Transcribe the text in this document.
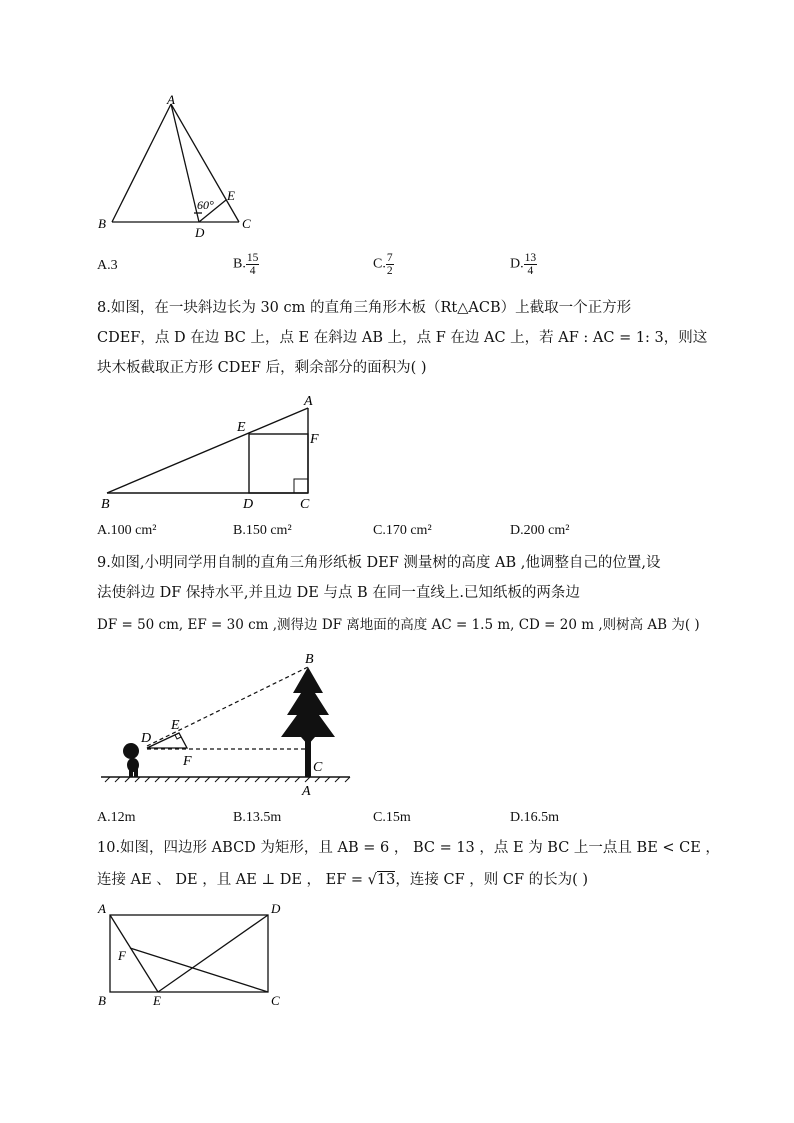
A
B	C
D
E
60°
A.3	B. $\frac{15}{4}$	C. $\frac{7}{2}$	D. $\frac{13}{4}$
8.如图，在一块斜边长为 30 cm 的直角三角形木板（Rt△ACB）上截取一个正方形
CDEF，点 D 在边 BC 上，点 E 在斜边 AB 上，点 F 在边 AC 上，若 AF : AC = 1: 3，则这
块木板截取正方形 CDEF 后，剩余部分的面积为( )
A
B	C
D
E
F
A.100 cm²	B.150 cm²	C.170 cm²	D.200 cm²
9.如图,小明同学用自制的直角三角形纸板 DEF 测量树的高度 AB ,他调整自己的位置,设
法使斜边 DF 保持水平,并且边 DE 与点 B 在同一直线上.已知纸板的两条边
DF = 50 cm, EF = 30 cm ,测得边 DF 离地面的高度 AC = 1.5 m, CD = 20 m ,则树高 AB 为( )
B
C
A
D
E
F
A.12m	B.13.5m	C.15m	D.16.5m
10.如图，四边形 ABCD 为矩形，且 AB = 6 ， BC = 13 ，点 E 为 BC 上一点且 BE < CE ，
连接 AE 、 DE ，且 AE ⊥ DE ， EF = √13，连接 CF ，则 CF 的长为( )
A	D
B	C
E
F
